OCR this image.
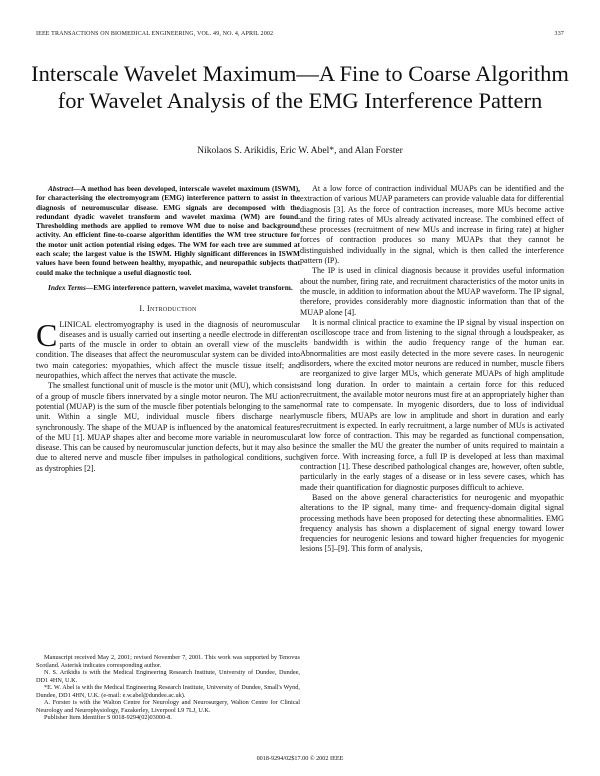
IEEE TRANSACTIONS ON BIOMEDICAL ENGINEERING, VOL. 49, NO. 4, APRIL 2002	337
Interscale Wavelet Maximum—A Fine to Coarse Algorithm for Wavelet Analysis of the EMG Interference Pattern
Nikolaos S. Arikidis, Eric W. Abel*, and Alan Forster

Abstract—A method has been developed, interscale wavelet maximum (ISWM), for characterising the electromyogram (EMG) interference pattern to assist in the diagnosis of neuromuscular disease. EMG signals are decomposed with the redundant dyadic wavelet transform and wavelet maxima (WM) are found. Thresholding methods are applied to remove WM due to noise and background activity. An efficient fine-to-coarse algorithm identifies the WM tree structure for the motor unit action potential rising edges. The WM for each tree are summed at each scale; the largest value is the ISWM. Highly significant differences in ISWM values have been found between healthy, myopathic, and neuropathic subjects that could make the technique a useful diagnostic tool.

Index Terms—EMG interference pattern, wavelet maxima, wavelet transform.

I. Introduction

CLINICAL electromyography is used in the diagnosis of neuromuscular diseases and is usually carried out inserting a needle electrode in different parts of the muscle in order to obtain an overall view of the muscle condition. The diseases that affect the neuromuscular system can be divided into two main categories: myopathies, which affect the muscle tissue itself; and neuropathies, which affect the nerves that activate the muscle.

The smallest functional unit of muscle is the motor unit (MU), which consists of a group of muscle fibers innervated by a single motor neuron. The MU action potential (MUAP) is the sum of the muscle fiber potentials belonging to the same unit. Within a single MU, individual muscle fibers discharge nearly synchronously. The shape of the MUAP is influenced by the anatomical features of the MU [1]. MUAP shapes alter and become more variable in neuromuscular disease. This can be caused by neuromuscular junction defects, but it may also be due to altered nerve and muscle fiber impulses in pathological conditions, such as dystrophies [2].

Manuscript received May 2, 2001; revised November 7, 2001. This work was supported by Tenovus Scotland. Asterisk indicates corresponding author.

N. S. Arikidis is with the Medical Engineering Research Institute, University of Dundee, Dundee, DD1 4HN, U.K.

*E. W. Abel is with the Medical Engineering Research Institute, University of Dundee, Small's Wynd, Dundee, DD1 4HN, U.K. (e-mail: e.w.abel@dundee.ac.uk).

A. Forster is with the Walton Centre for Neurology and Neurosurgery, Walton Centre for Clinical Neurology and Neurophysiology, Fazakerley, Liverpool L9 7LJ, U.K.

Publisher Item Identifier S 0018-9294(02)03000-8.

At a low force of contraction individual MUAPs can be identified and the extraction of various MUAP parameters can provide valuable data for differential diagnosis [3]. As the force of contraction increases, more MUs become active and the firing rates of MUs already activated increase. The combined effect of these processes (recruitment of new MUs and increase in firing rate) at higher forces of contraction produces so many MUAPs that they cannot be distinguished individually in the signal, which is then called the interference pattern (IP).

The IP is used in clinical diagnosis because it provides useful information about the number, firing rate, and recruitment characteristics of the motor units in the muscle, in addition to information about the MUAP waveform. The IP signal, therefore, provides considerably more diagnostic information than that of the MUAP alone [4].

It is normal clinical practice to examine the IP signal by visual inspection on an oscilloscope trace and from listening to the signal through a loudspeaker, as its bandwidth is within the audio frequency range of the human ear. Abnormalities are most easily detected in the more severe cases. In neurogenic disorders, where the excited motor neurons are reduced in number, muscle fibers are reorganized to give larger MUs, which generate MUAPs of high amplitude and long duration. In order to maintain a certain force for this reduced recruitment, the available motor neurons must fire at an appropriately higher than normal rate to compensate. In myogenic disorders, due to loss of individual muscle fibers, MUAPs are low in amplitude and short in duration and early recruitment is expected. In early recruitment, a large number of MUs is activated at low force of contraction. This may be regarded as functional compensation, since the smaller the MU the greater the number of units required to maintain a given force. With increasing force, a full IP is developed at less than maximal contraction [1]. These described pathological changes are, however, often subtle, particularly in the early stages of a disease or in less severe cases, which has made their quantification for diagnostic purposes difficult to achieve.

Based on the above general characteristics for neurogenic and myopathic alterations to the IP signal, many time- and frequency-domain digital signal processing methods have been proposed for detecting these abnormalities. EMG frequency analysis has shown a displacement of signal energy toward lower frequencies for neurogenic lesions and toward higher frequencies for myogenic lesions [5]–[9]. This form of analysis,

0018-9294/02$17.00 © 2002 IEEE
